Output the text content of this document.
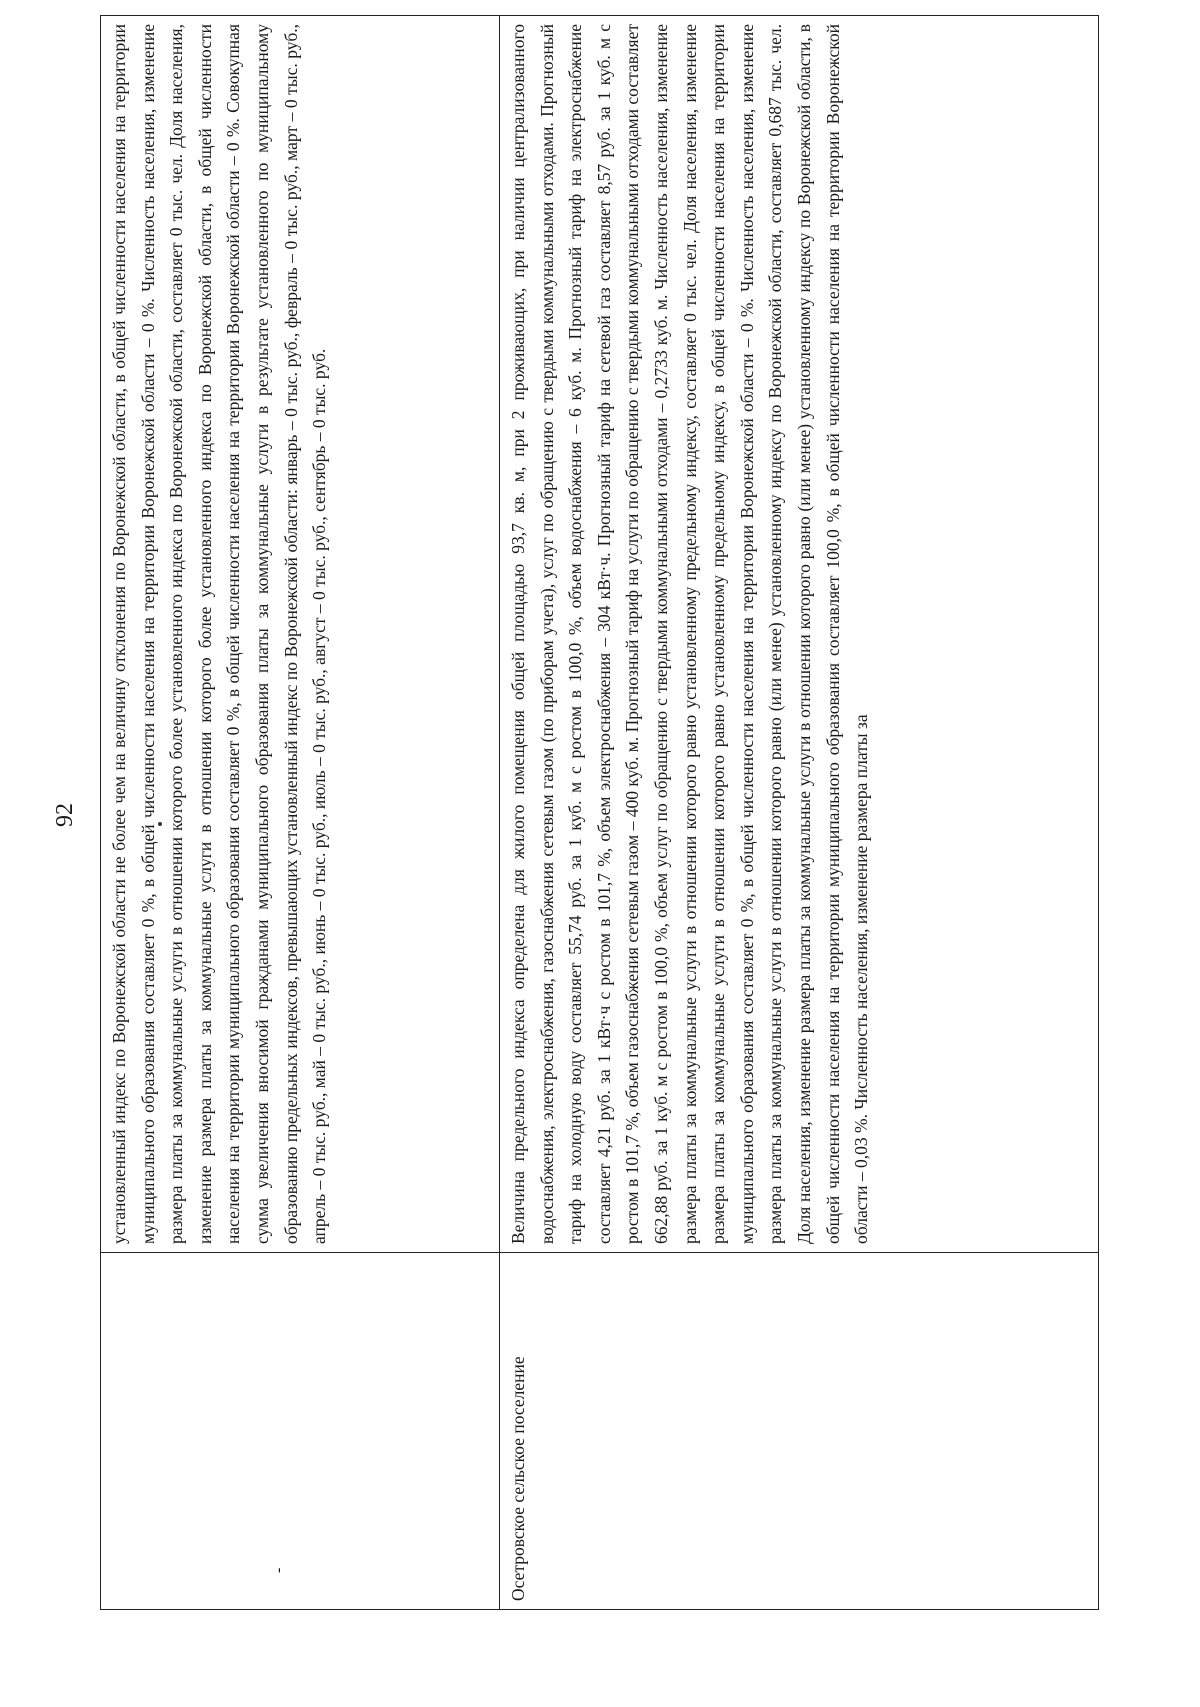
92
-	установленный индекс по Воронежской области не более чем на величину отклонения по Воронежской области, в общей численности населения на территории муниципального образования составляет 0 %, в общей численности населения на территории Воронежской области – 0 %. Численность населения, изменение размера платы за коммунальные услуги в отношении которого более установленного индекса по Воронежской области, составляет 0 тыс. чел. Доля населения, изменение размера платы за коммунальные услуги в отношении которого более установленного индекса по Воронежской области, в общей численности населения на территории муниципального образования составляет 0 %, в общей численности населения на территории Воронежской области – 0 %. Совокупная сумма увеличения вносимой гражданами муниципального образования платы за коммунальные услуги в результате установленного по муниципальному образованию предельных индексов, превышающих установленный индекс по Воронежской области: январь – 0 тыс. руб., февраль – 0 тыс. руб., март – 0 тыс. руб., апрель – 0 тыс. руб., май – 0 тыс. руб., июнь – 0 тыс. руб., июль – 0 тыс. руб., август – 0 тыс. руб., сентябрь – 0 тыс. руб.
Осетровское сельское поселение	Величина предельного индекса определена для жилого помещения общей площадью 93,7 кв. м, при 2 проживающих, при наличии централизованного водоснабжения, электроснабжения, газоснабжения сетевым газом (по приборам учета), услуг по обращению с твердыми коммунальными отходами. Прогнозный тариф на холодную воду составляет 55,74 руб. за 1 куб. м с ростом в 100,0 %, объем водоснабжения – 6 куб. м. Прогнозный тариф на электроснабжение составляет 4,21 руб. за 1 кВт·ч с ростом в 101,7 %, объем электроснабжения – 304 кВт·ч. Прогнозный тариф на сетевой газ составляет 8,57 руб. за 1 куб. м с ростом в 101,7 %, объем газоснабжения сетевым газом – 400 куб. м. Прогнозный тариф на услуги по обращению с твердыми коммунальными отходами составляет 662,88 руб. за 1 куб. м с ростом в 100,0 %, объем услуг по обращению с твердыми коммунальными отходами – 0,2733 куб. м. Численность населения, изменение размера платы за коммунальные услуги в отношении которого равно установленному предельному индексу, составляет 0 тыс. чел. Доля населения, изменение размера платы за коммунальные услуги в отношении которого равно установленному предельному индексу, в общей численности населения на территории муниципального образования составляет 0 %, в общей численности населения на территории Воронежской области – 0 %. Численность населения, изменение размера платы за коммунальные услуги в отношении которого равно (или менее) установленному индексу по Воронежской области, составляет 0,687 тыс. чел. Доля населения, изменение размера платы за коммунальные услуги в отношении которого равно (или менее) установленному индексу по Воронежской области, в общей численности населения на территории муниципального образования составляет 100,0 %, в общей численности населения на территории Воронежской области – 0,03 %. Численность населения, изменение размера платы за
